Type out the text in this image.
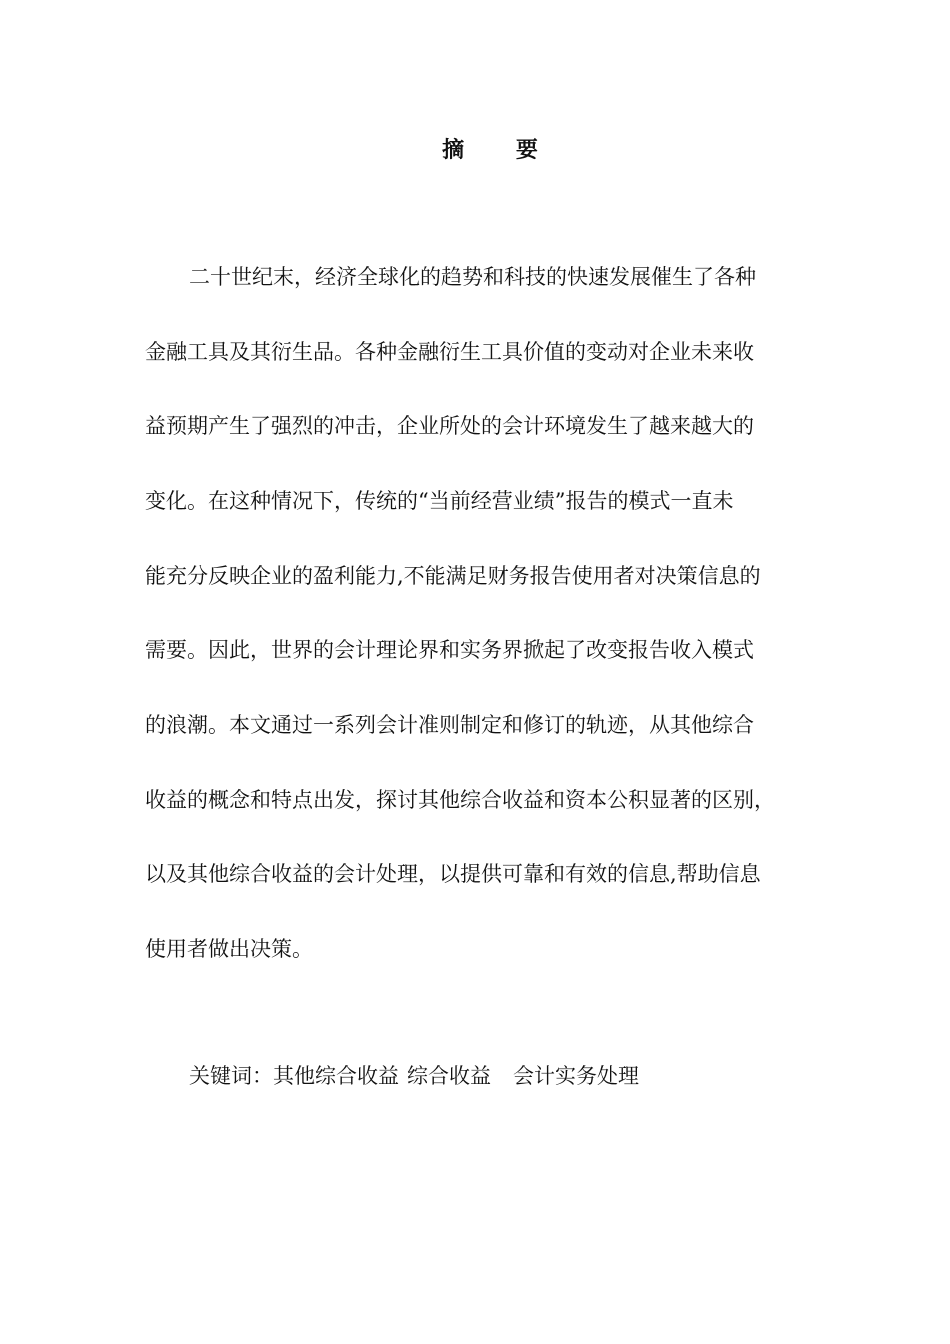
摘 要
二十世纪末，经济全球化的趋势和科技的快速发展催生了各种
金融工具及其衍生品。各种金融衍生工具价值的变动对企业未来收
益预期产生了强烈的冲击，企业所处的会计环境发生了越来越大的
变化。在这种情况下，传统的“当前经营业绩”报告的模式一直未
能充分反映企业的盈利能力,不能满足财务报告使用者对决策信息的
需要。因此，世界的会计理论界和实务界掀起了改变报告收入模式
的浪潮。本文通过一系列会计准则制定和修订的轨迹，从其他综合
收益的概念和特点出发，探讨其他综合收益和资本公积显著的区别，
以及其他综合收益的会计处理，以提供可靠和有效的信息,帮助信息
使用者做出决策。
关键词：其他综合收益 综合收益 会计实务处理
